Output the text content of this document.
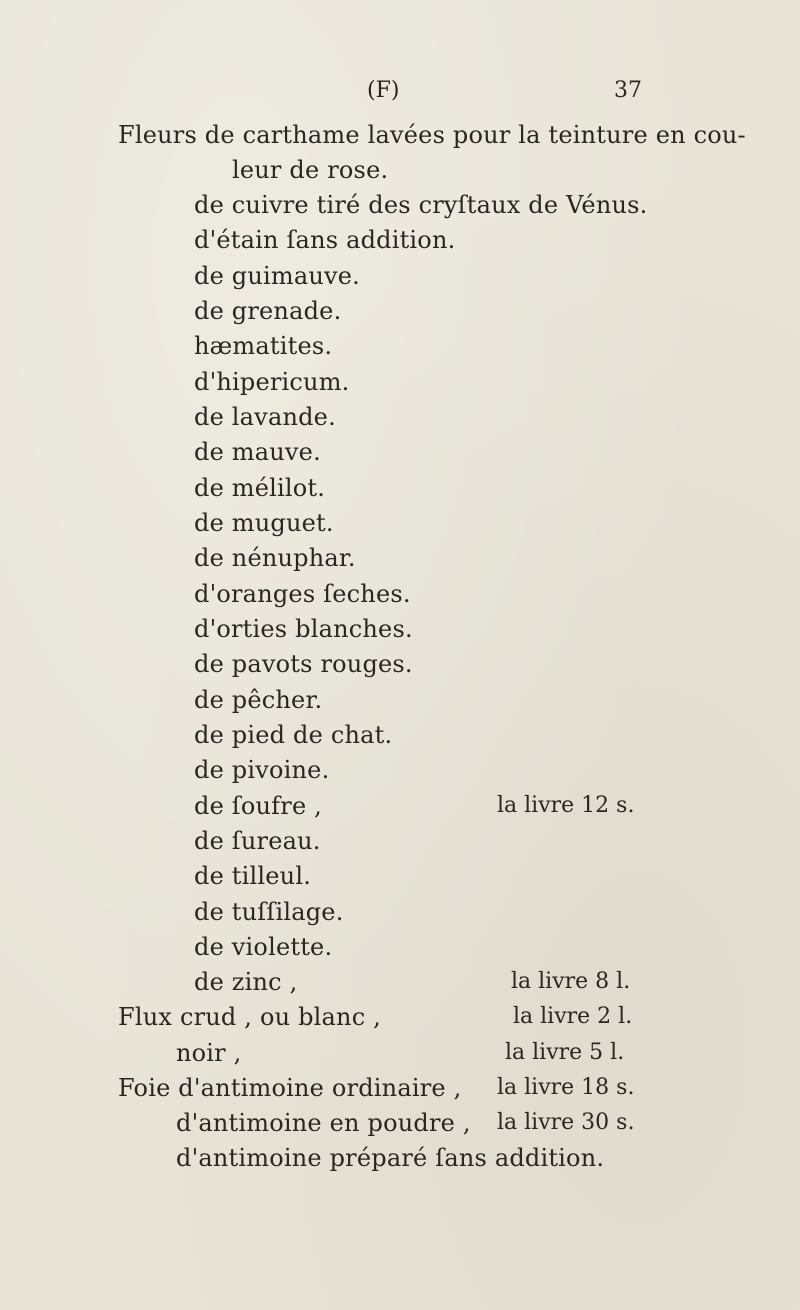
(F)	37
Fleurs de carthame lavées pour la teinture en cou-
leur de rose.
de cuivre tiré des cryſtaux de Vénus.
d'étain ſans addition.
de guimauve.
de grenade.
hæmatites.
d'hipericum.
de lavande.
de mauve.
de mélilot.
de muguet.
de nénuphar.
d'oranges ſeches.
d'orties blanches.
de pavots rouges.
de pêcher.
de pied de chat.
de pivoine.
de ſoufre ,	la livre 12 s.
de ſureau.
de tilleul.
de tuſſilage.
de violette.
de zinc ,	la livre 8 l.
Flux crud , ou blanc ,	la livre 2 l.
noir ,	la livre 5 l.
Foie d'antimoine ordinaire , la livre 18 s.
d'antimoine en poudre , la livre 30 s.
d'antimoine préparé ſans addition.
